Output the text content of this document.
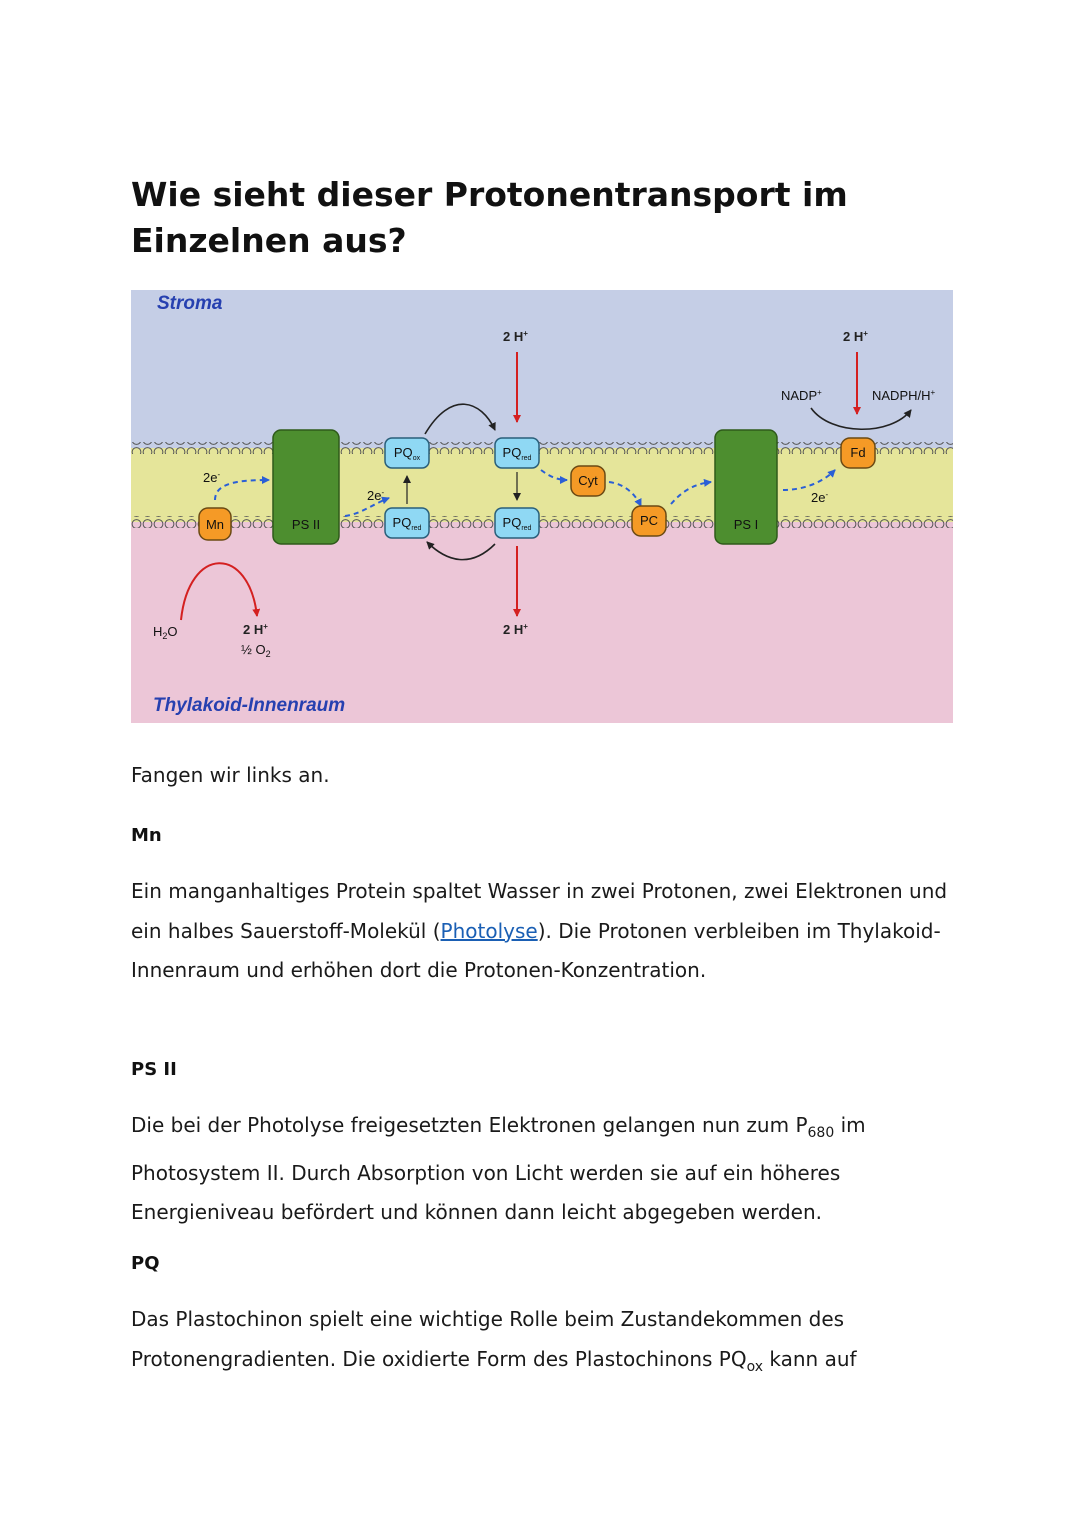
Wie sieht dieser Protonentransport im Einzelnen aus?
Stroma
Thylakoid-Innenraum
$H_2O$	2 H+
½ $O_2$
Mn
2e-
PS II
2e-
$PQ_{ox}$
$PQ_{red}$
2 H+
$PQ_{red}$
$PQ_{red}$
2 H+
Cyt
PC	PS I
2e-
Fd
2 H+
NADP+	NADPH/H+

Fangen wir links an.

Mn

Ein manganhaltiges Protein spaltet Wasser in zwei Protonen, zwei Elektronen und ein halbes Sauerstoff-Molekül (Photolyse). Die Protonen verbleiben im Thylakoid-Innenraum und erhöhen dort die Protonen-Konzentration.

PS II

Die bei der Photolyse freigesetzten Elektronen gelangen nun zum $P_{680}$ im Photosystem II. Durch Absorption von Licht werden sie auf ein höheres Energieniveau befördert und können dann leicht abgegeben werden.

PQ

Das Plastochinon spielt eine wichtige Rolle beim Zustandekommen des Protonengradienten. Die oxidierte Form des Plastochinons $PQ_{ox}$ kann auf
